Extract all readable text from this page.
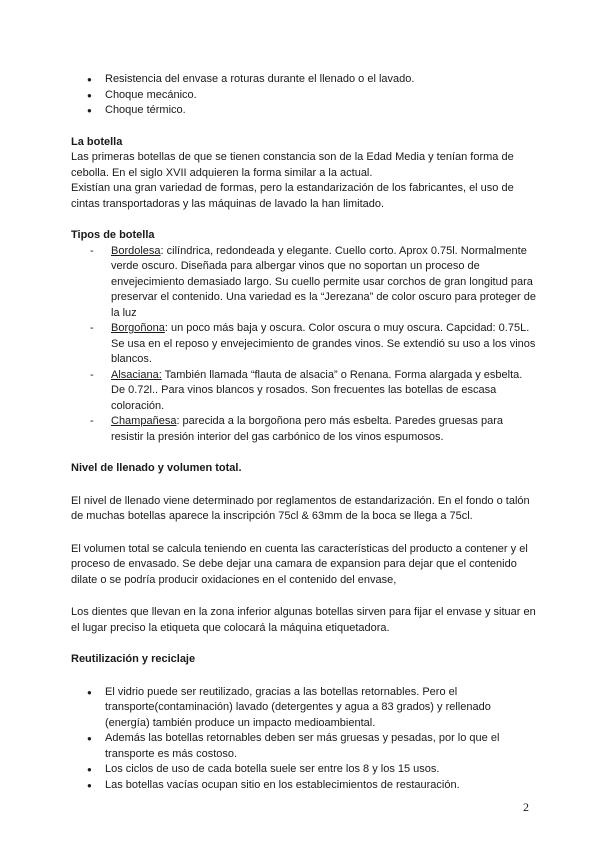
● Resistencia del envase a roturas durante el llenado o el lavado.
● Choque mecánico.
● Choque térmico.
La botella

Las primeras botellas de que se tienen constancia son de la Edad Media y tenían forma de cebolla. En el siglo XVII adquieren la forma similar a la actual.

Existían una gran variedad de formas, pero la estandarización de los fabricantes, el uso de cintas transportadoras y las máquinas de lavado la han limitado.

Tipos de botella
- Bordolesa: cilíndrica, redondeada y elegante. Cuello corto. Aprox 0.75l. Normalmente verde oscuro. Diseñada para albergar vinos que no soportan un proceso de envejecimiento demasiado largo. Su cuello permite usar corchos de gran longitud para preservar el contenido. Una variedad es la “Jerezana” de color oscuro para proteger de la luz
- Borgoñona: un poco más baja y oscura. Color oscura o muy oscura. Capcidad: 0.75L. Se usa en el reposo y envejecimiento de grandes vinos. Se extendió su uso a los vinos blancos.
- Alsaciana: También llamada “flauta de alsacia” o Renana. Forma alargada y esbelta. De 0.72l.. Para vinos blancos y rosados. Son frecuentes las botellas de escasa coloración.
- Champañesa: parecida a la borgoñona pero más esbelta. Paredes gruesas para resistir la presión interior del gas carbónico de los vinos espumosos.
Nivel de llenado y volumen total.

El nivel de llenado viene determinado por reglamentos de estandarización. En el fondo o talón de muchas botellas aparece la inscripción 75cl & 63mm de la boca se llega a 75cl.

El volumen total se calcula teniendo en cuenta las características del producto a contener y el proceso de envasado. Se debe dejar una camara de expansion para dejar que el contenido dilate o se podría producir oxidaciones en el contenido del envase,

Los dientes que llevan en la zona inferior algunas botellas sirven para fijar el envase y situar en el lugar preciso la etiqueta que colocará la máquina etiquetadora.

Reutilización y reciclaje
● El vidrio puede ser reutilizado, gracias a las botellas retornables. Pero el transporte(contaminación) lavado (detergentes y agua a 83 grados) y rellenado (energía) también produce un impacto medioambiental.
● Además las botellas retornables deben ser más gruesas y pesadas, por lo que el transporte es más costoso.
● Los ciclos de uso de cada botella suele ser entre los 8 y los 15 usos.
● Las botellas vacías ocupan sitio en los establecimientos de restauración.
2
